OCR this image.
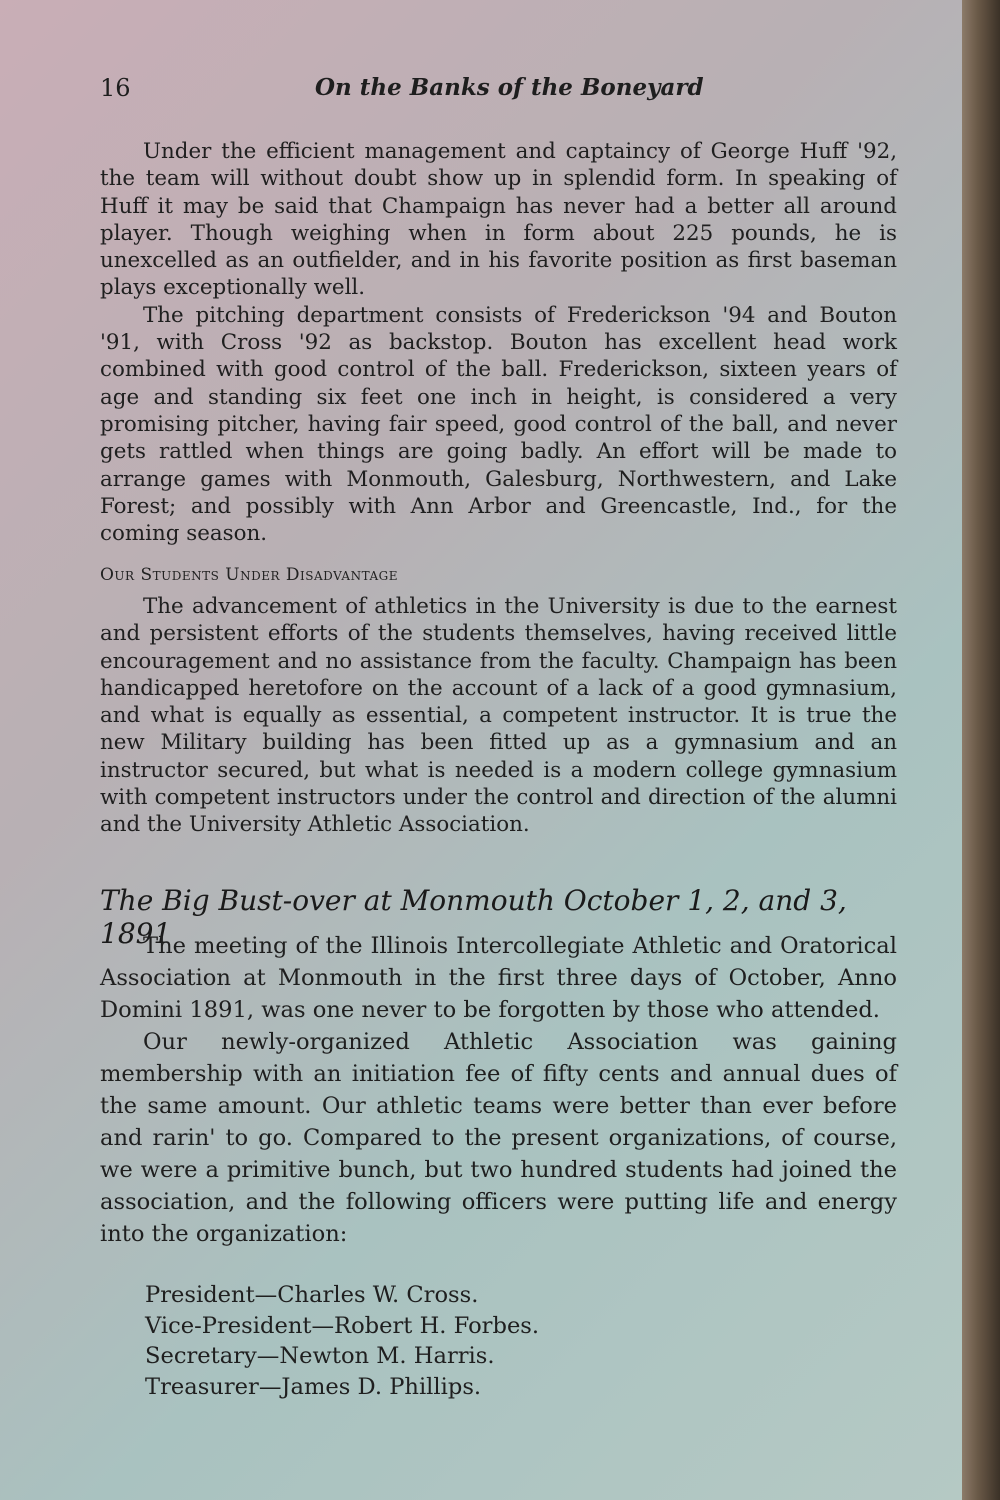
16	On the Banks of the Boneyard

Under the efficient management and captaincy of George Huff '92, the team will without doubt show up in splendid form. In speaking of Huff it may be said that Champaign has never had a better all around player. Though weighing when in form about 225 pounds, he is unexcelled as an outfielder, and in his favorite position as first baseman plays exceptionally well.

The pitching department consists of Frederickson '94 and Bouton '91, with Cross '92 as backstop. Bouton has excellent head work combined with good control of the ball. Frederickson, sixteen years of age and standing six feet one inch in height, is considered a very promising pitcher, having fair speed, good control of the ball, and never gets rattled when things are going badly. An effort will be made to arrange games with Monmouth, Galesburg, Northwestern, and Lake Forest; and possibly with Ann Arbor and Greencastle, Ind., for the coming season.

Our Students Under Disadvantage

The advancement of athletics in the University is due to the earnest and persistent efforts of the students themselves, having received little encouragement and no assistance from the faculty. Champaign has been handicapped heretofore on the account of a lack of a good gymnasium, and what is equally as essential, a competent instructor. It is true the new Military building has been fitted up as a gymnasium and an instructor secured, but what is needed is a modern college gymnasium with competent instructors under the control and direction of the alumni and the University Athletic Association.

The Big Bust-over at Monmouth October 1, 2, and 3, 1891

The meeting of the Illinois Intercollegiate Athletic and Oratorical Association at Monmouth in the first three days of October, Anno Domini 1891, was one never to be forgotten by those who attended.

Our newly-organized Athletic Association was gaining membership with an initiation fee of fifty cents and annual dues of the same amount. Our athletic teams were better than ever before and rarin' to go. Compared to the present organizations, of course, we were a primitive bunch, but two hundred students had joined the association, and the following officers were putting life and energy into the organization:

President—Charles W. Cross.
Vice-President—Robert H. Forbes.
Secretary—Newton M. Harris.
Treasurer—James D. Phillips.
